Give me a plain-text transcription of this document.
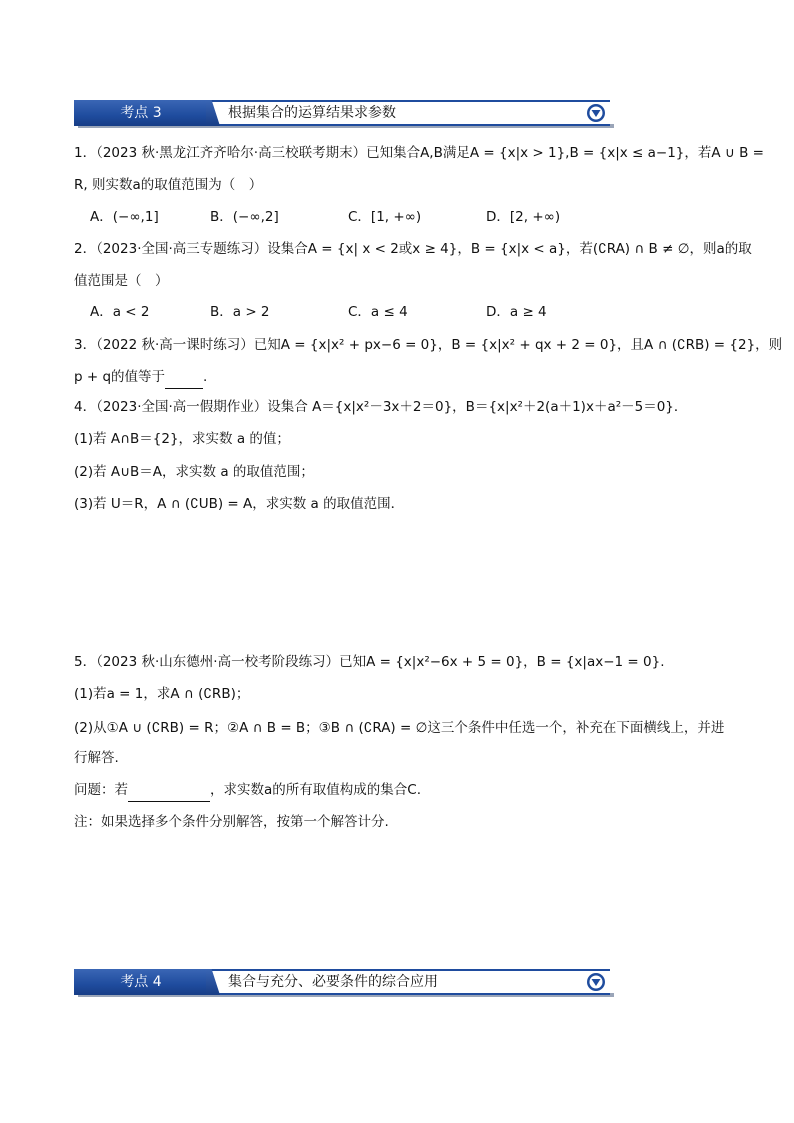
考点 3	根据集合的运算结果求参数
1．（2023 秋·黑龙江齐齐哈尔·高三校联考期末）已知集合A,B满足A = {x|x > 1},B = {x|x ≤ a−1}，若A ∪ B =
R, 则实数a的取值范围为（　）
A．(−∞,1]	B．(−∞,2]	C．[1, +∞)	D．[2, +∞)
2．（2023·全国·高三专题练习）设集合A = {x| x < 2或x ≥ 4}，B = {x|x < a}，若(∁RA) ∩ B ≠ ∅，则a的取
值范围是（　）
A．a < 2	B．a > 2	C．a ≤ 4	D．a ≥ 4
3．（2022 秋·高一课时练习）已知A = {x|x² + px−6 = 0}，B = {x|x² + qx + 2 = 0}，且A ∩ (∁RB) = {2}，则
p + q的值等于	.
4．（2023·全国·高一假期作业）设集合 A＝{x|x²－3x＋2＝0}，B＝{x|x²＋2(a＋1)x＋a²－5＝0}．
(1)若 A∩B＝{2}，求实数 a 的值；
(2)若 A∪B＝A，求实数 a 的取值范围；
(3)若 U＝R，A ∩ (∁UB) = A，求实数 a 的取值范围．
5．（2023 秋·山东德州·高一校考阶段练习）已知A = {x|x²−6x + 5 = 0}，B = {x|ax−1 = 0}.
(1)若a = 1，求A ∩ (∁RB)；
(2)从①A ∪ (∁RB) = R；②A ∩ B = B；③B ∩ (∁RA) = ∅这三个条件中任选一个，补充在下面横线上，并进
行解答.
问题：若	，求实数a的所有取值构成的集合C.
注：如果选择多个条件分别解答，按第一个解答计分.
考点 4	集合与充分、必要条件的综合应用
